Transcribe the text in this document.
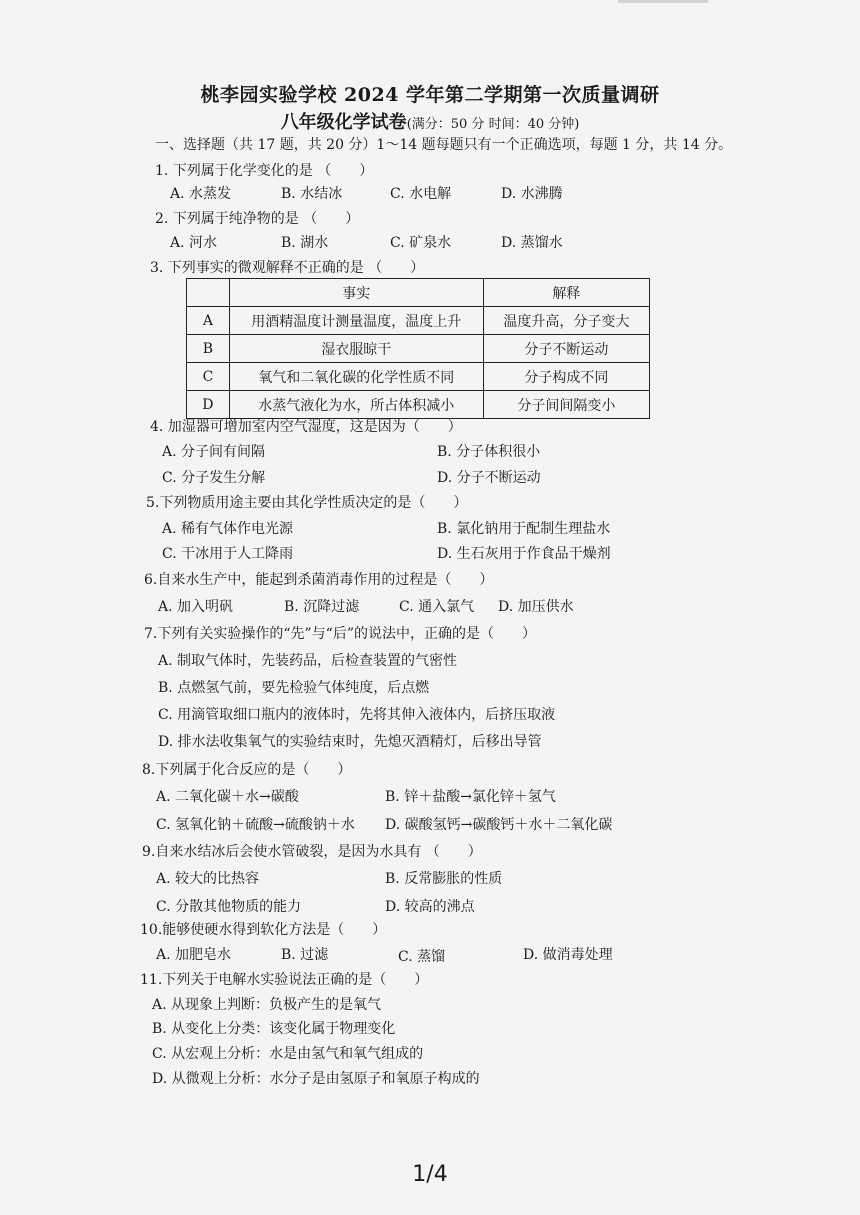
桃李园实验学校 2024 学年第二学期第一次质量调研
八年级化学试卷(满分：50 分 时间：40 分钟)
一、选择题（共 17 题，共 20 分）1～14 题每题只有一个正确选项，每题 1 分，共 14 分。
1. 下列属于化学变化的是 （　　）
A. 水蒸发	B. 水结冰	C. 水电解	D. 水沸腾
2. 下列属于纯净物的是 （　　）
A. 河水	B. 湖水	C. 矿泉水	D. 蒸馏水
3. 下列事实的微观解释不正确的是 （　　）
	事实	解释
A	用酒精温度计测量温度，温度上升	温度升高，分子变大
B	湿衣服晾干	分子不断运动
C	氧气和二氧化碳的化学性质不同	分子构成不同
D	水蒸气液化为水，所占体积减小	分子间间隔变小
4. 加湿器可增加室内空气湿度，这是因为（　　）
A. 分子间有间隔	B. 分子体积很小
C. 分子发生分解	D. 分子不断运动
5.下列物质用途主要由其化学性质决定的是（　　）
A. 稀有气体作电光源	B. 氯化钠用于配制生理盐水
C. 干冰用于人工降雨	D. 生石灰用于作食品干燥剂
6.自来水生产中，能起到杀菌消毒作用的过程是（　　）
A. 加入明矾	B. 沉降过滤	C. 通入氯气 D. 加压供水
7.下列有关实验操作的“先”与“后”的说法中，正确的是（　　）
A. 制取气体时，先装药品，后检查装置的气密性
B. 点燃氢气前，要先检验气体纯度，后点燃
C. 用滴管取细口瓶内的液体时，先将其伸入液体内，后挤压取液
D. 排水法收集氧气的实验结束时，先熄灭酒精灯，后移出导管
8.下列属于化合反应的是（　　）
A. 二氧化碳＋水→碳酸	B. 锌＋盐酸→氯化锌＋氢气
C. 氢氧化钠＋硫酸→硫酸钠＋水 D. 碳酸氢钙→碳酸钙＋水＋二氧化碳
9.自来水结冰后会使水管破裂，是因为水具有 （　　）
A. 较大的比热容	B. 反常膨胀的性质
C. 分散其他物质的能力	D. 较高的沸点
10.能够使硬水得到软化方法是（　　）
A. 加肥皂水	B. 过滤	C. 蒸馏	D. 做消毒处理
11.下列关于电解水实验说法正确的是（　　）
A. 从现象上判断：负极产生的是氧气
B. 从变化上分类：该变化属于物理变化
C. 从宏观上分析：水是由氢气和氧气组成的
D. 从微观上分析：水分子是由氢原子和氧原子构成的
1/4
